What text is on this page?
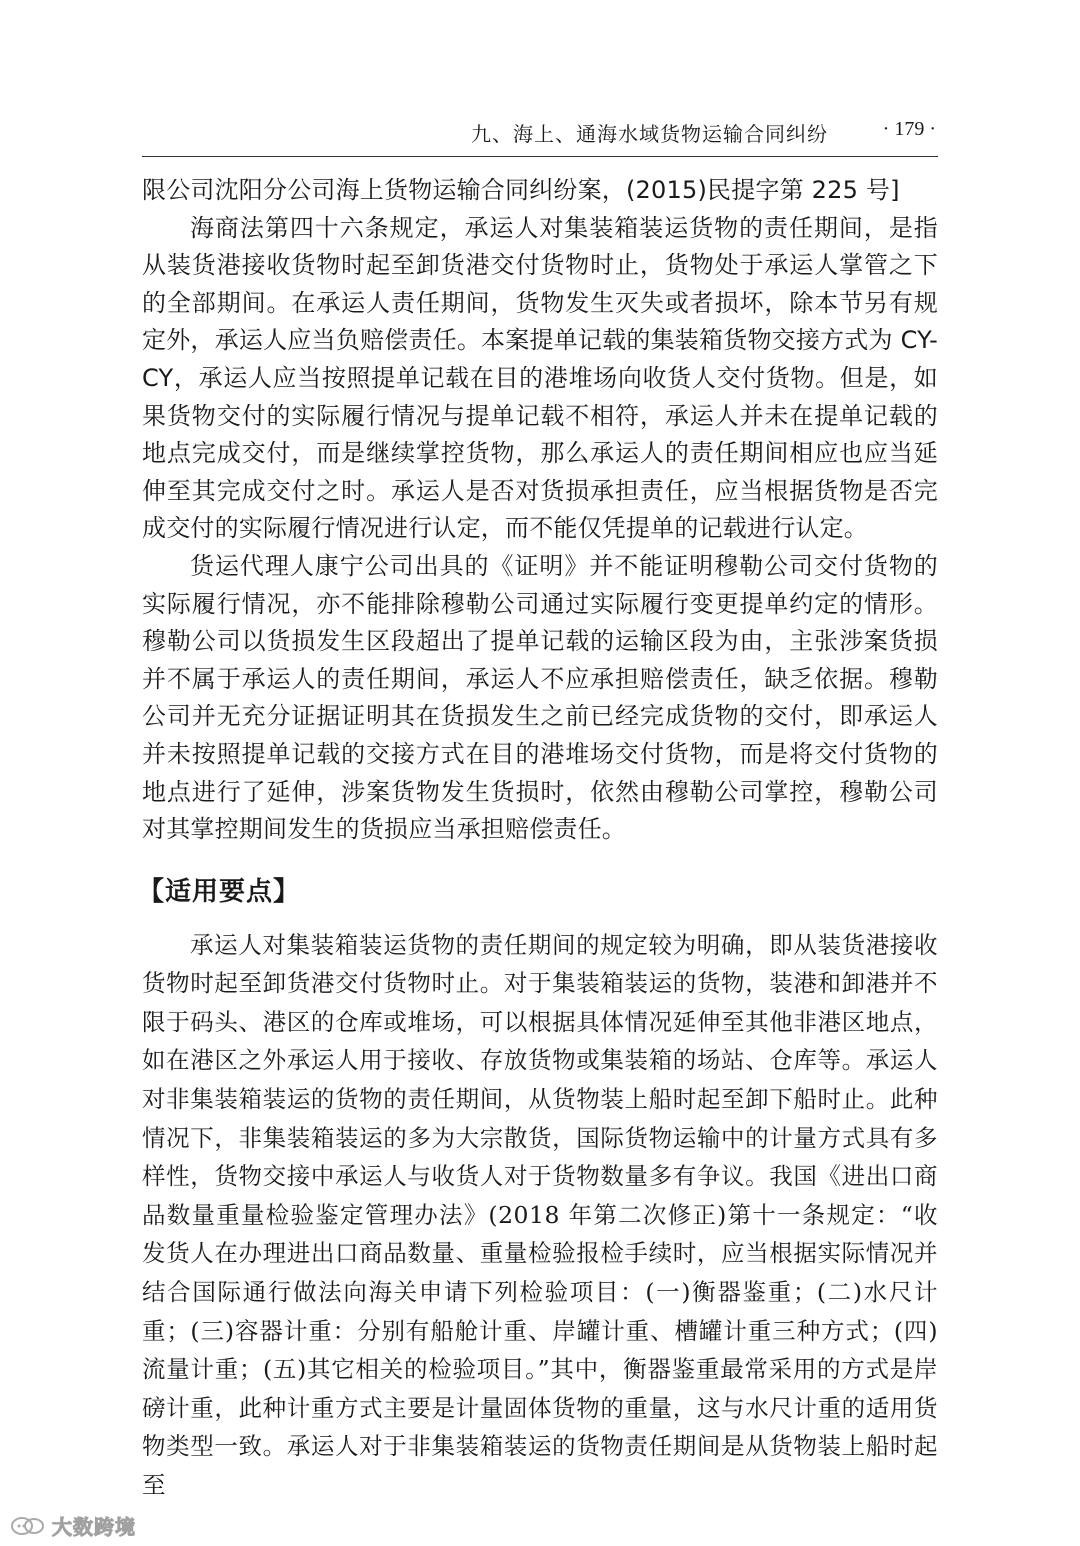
九、海上、通海水域货物运输合同纠纷	· 179 ·

限公司沈阳分公司海上货物运输合同纠纷案，(2015)民提字第 225 号]

海商法第四十六条规定，承运人对集装箱装运货物的责任期间，是指从装货港接收货物时起至卸货港交付货物时止，货物处于承运人掌管之下的全部期间。在承运人责任期间，货物发生灭失或者损坏，除本节另有规定外，承运人应当负赔偿责任。本案提单记载的集装箱货物交接方式为 CY-CY，承运人应当按照提单记载在目的港堆场向收货人交付货物。但是，如果货物交付的实际履行情况与提单记载不相符，承运人并未在提单记载的地点完成交付，而是继续掌控货物，那么承运人的责任期间相应也应当延伸至其完成交付之时。承运人是否对货损承担责任，应当根据货物是否完成交付的实际履行情况进行认定，而不能仅凭提单的记载进行认定。

货运代理人康宁公司出具的《证明》并不能证明穆勒公司交付货物的实际履行情况，亦不能排除穆勒公司通过实际履行变更提单约定的情形。穆勒公司以货损发生区段超出了提单记载的运输区段为由，主张涉案货损并不属于承运人的责任期间，承运人不应承担赔偿责任，缺乏依据。穆勒公司并无充分证据证明其在货损发生之前已经完成货物的交付，即承运人并未按照提单记载的交接方式在目的港堆场交付货物，而是将交付货物的地点进行了延伸，涉案货物发生货损时，依然由穆勒公司掌控，穆勒公司对其掌控期间发生的货损应当承担赔偿责任。

【适用要点】

承运人对集装箱装运货物的责任期间的规定较为明确，即从装货港接收货物时起至卸货港交付货物时止。对于集装箱装运的货物，装港和卸港并不限于码头、港区的仓库或堆场，可以根据具体情况延伸至其他非港区地点，如在港区之外承运人用于接收、存放货物或集装箱的场站、仓库等。承运人对非集装箱装运的货物的责任期间，从货物装上船时起至卸下船时止。此种情况下，非集装箱装运的多为大宗散货，国际货物运输中的计量方式具有多样性，货物交接中承运人与收货人对于货物数量多有争议。我国《进出口商品数量重量检验鉴定管理办法》(2018 年第二次修正)第十一条规定：“收发货人在办理进出口商品数量、重量检验报检手续时，应当根据实际情况并结合国际通行做法向海关申请下列检验项目：(一)衡器鉴重；(二)水尺计重；(三)容器计重：分别有船舱计重、岸罐计重、槽罐计重三种方式；(四)流量计重；(五)其它相关的检验项目。”其中，衡器鉴重最常采用的方式是岸磅计重，此种计重方式主要是计量固体货物的重量，这与水尺计重的适用货物类型一致。承运人对于非集装箱装运的货物责任期间是从货物装上船时起至

大数跨境
